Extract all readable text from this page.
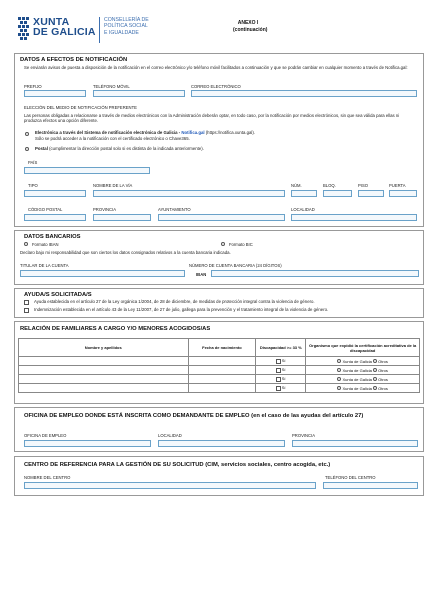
XUNTA
DE GALICIA
CONSELLERÍA DE
POLÍTICA SOCIAL
E IGUALDADE
ANEXO I
(continuación)
DATOS A EFECTOS DE NOTIFICACIÓN
Se enviarán avisos de puesta a disposición de la notificación en el correo electrónico y/o teléfono móvil facilitados a continuación y que se podrán cambiar en cualquier momento a través de Notifica.gal:
PREFIJO	TELÉFONO MÓVIL	CORREO ELECTRÓNICO
ELECCIÓN DEL MEDIO DE NOTIFICACIÓN PREFERENTE
Las personas obligadas a relacionarse a través de medios electrónicos con la Administración deberán optar, en todo caso, por la notificación por medios electrónicos, sin que sea válida para ellas ni produzca efectos una opción diferente.
Electrónica a través del Sistema de notificación electrónica de Galicia - Notifica.gal (https://notifica.xunta.gal).
Sólo se podrá acceder a la notificación con el certificado electrónico o Chave365.
Postal (cumplimentar la dirección postal solo si es distinta de la indicada anteriormente).
PAÍS
TIPO	NOMBRE DE LA VÍA	NÚM.	BLOQ.	PISO	PUERTA
CÓDIGO POSTAL	PROVINCIA	AYUNTAMIENTO	LOCALIDAD
DATOS BANCARIOS
Formato IBAN	Formato BIC
Declaro bajo mi responsabilidad que son ciertos los datos consignados relativos a la cuenta bancaria indicada.
TITULAR DE LA CUENTA	NÚMERO DE CUENTA BANCARIA (24 DÍGITOS)
IBAN
AYUDA/S SOLICITADA/S
Ayuda establecida en el artículo 27 de la Ley orgánica 1/2004, de 28 de diciembre, de medidas de protección integral contra la violencia de género.
Indemnización establecida en el artículo 43 de la Ley 11/2007, de 27 de julio, gallega para la prevención y el tratamiento integral de la violencia de género.
RELACIÓN DE FAMILIARES A CARGO Y/O MENORES ACOGIDOS/AS
Nombre y apellidos	Fecha de nacimiento	Discapacidad >= 33 %	Organismo que expidió la certificación acreditativa de la discapacidad
		Sí	Xunta de Galicia Otros
		Sí	Xunta de Galicia Otros
		Sí	Xunta de Galicia Otros
		Sí	Xunta de Galicia Otros
OFICINA DE EMPLEO DONDE ESTÁ INSCRITA COMO DEMANDANTE DE EMPLEO (en el caso de las ayudas del artículo 27)
OFICINA DE EMPLEO	LOCALIDAD	PROVINCIA
CENTRO DE REFERENCIA PARA LA GESTIÓN DE SU SOLICITUD (CIM, servicios sociales, centro acogida, etc.)
NOMBRE DEL CENTRO	TELÉFONO DEL CENTRO
